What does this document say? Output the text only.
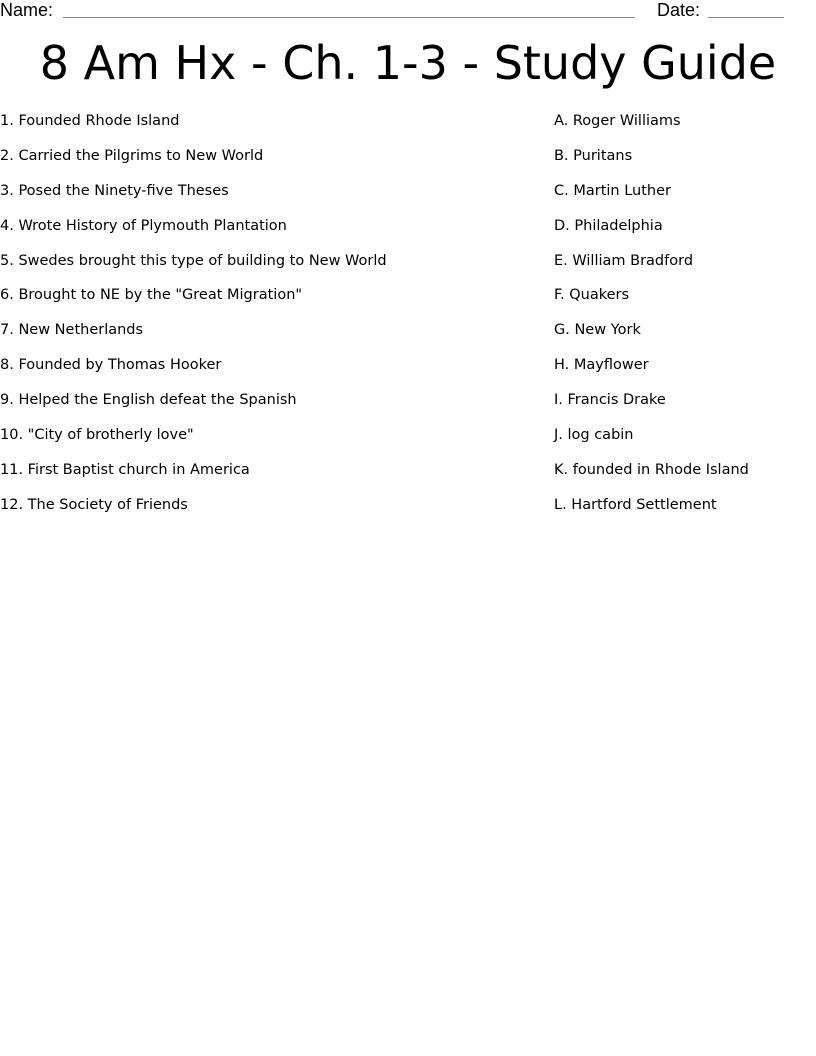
Name:	Date:
8 Am Hx - Ch. 1-3 - Study Guide
1. Founded Rhode Island
2. Carried the Pilgrims to New World
3. Posed the Ninety-five Theses
4. Wrote History of Plymouth Plantation
5. Swedes brought this type of building to New World
6. Brought to NE by the "Great Migration"
7. New Netherlands
8. Founded by Thomas Hooker
9. Helped the English defeat the Spanish
10. "City of brotherly love"
11. First Baptist church in America
12. The Society of Friends
A. Roger Williams
B. Puritans
C. Martin Luther
D. Philadelphia
E. William Bradford
F. Quakers
G. New York
H. Mayflower
I. Francis Drake
J. log cabin
K. founded in Rhode Island
L. Hartford Settlement
